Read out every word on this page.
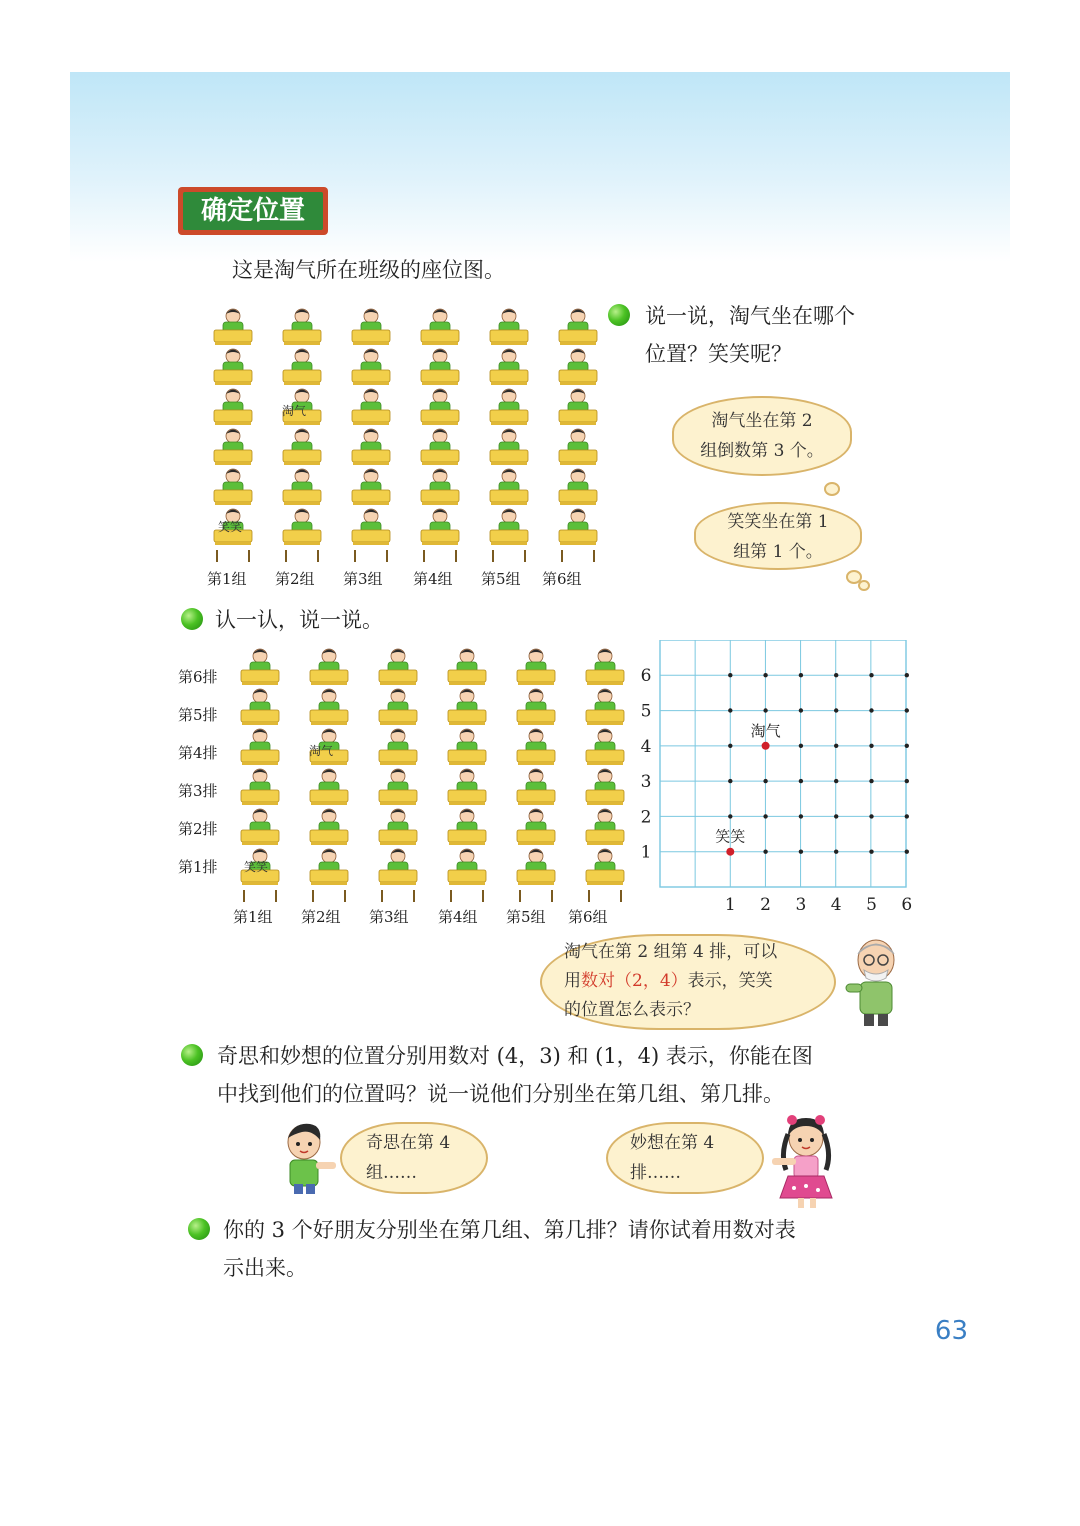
确定位置
这是淘气所在班级的座位图。
第1组 第2组 第3组 第4组 第5组 第6组
淘气
笑笑
说一说，淘气坐在哪个
位置？笑笑呢？
淘气坐在第 2
组倒数第 3 个。
笑笑坐在第 1
组第 1 个。
认一认，说一说。
第6排
第5排
第4排
第3排
第2排
第1排
第1组 第2组 第3组 第4组 第5组 第6组
淘气
笑笑
1 2 3 4 5 6
1
2
3
4
5
6
淘气
笑笑
淘气在第 2 组第 4 排，可以
用数对（2，4）表示，笑笑
的位置怎么表示？
奇思和妙想的位置分别用数对 (4，3) 和 (1，4) 表示，你能在图
中找到他们的位置吗？说一说他们分别坐在第几组、第几排。
奇思在第 4
组……
妙想在第 4
排……
你的 3 个好朋友分别坐在第几组、第几排？请你试着用数对表
示出来。
63
